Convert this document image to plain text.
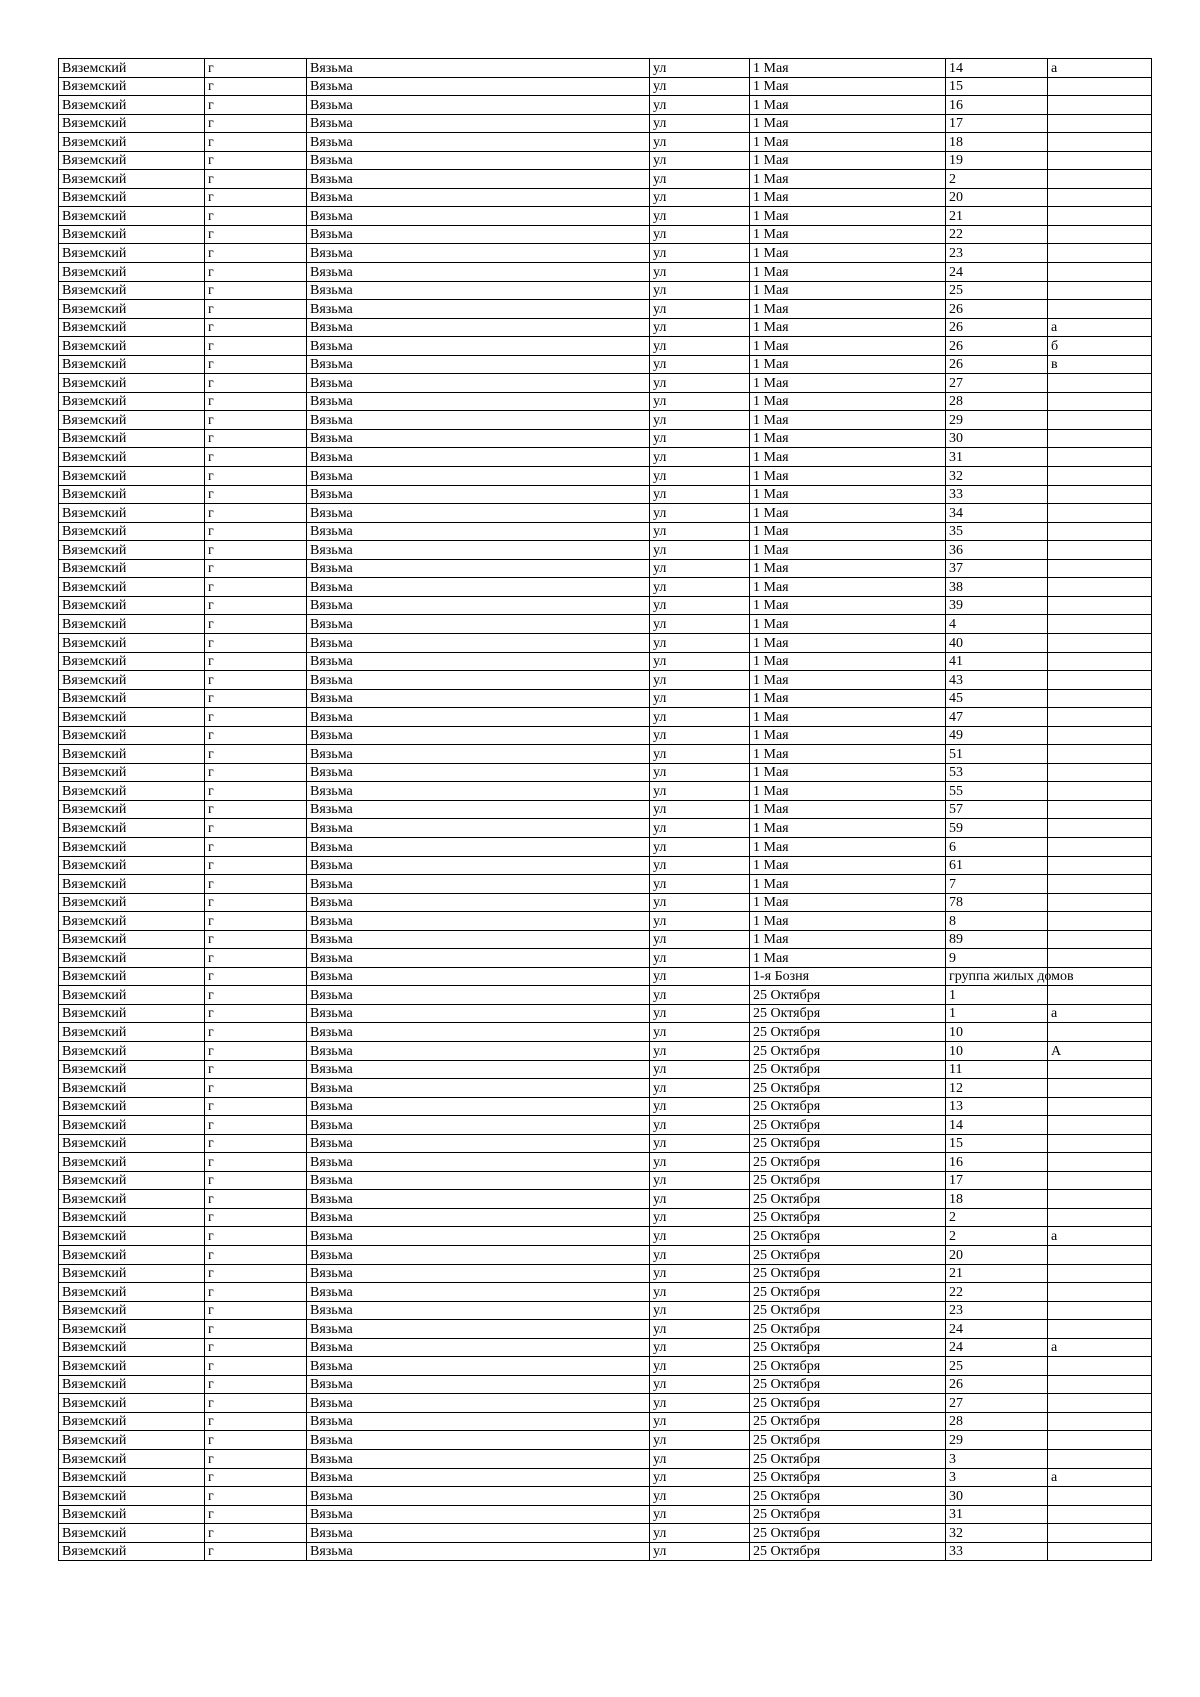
Вяземский	г	Вязьма	ул	1 Мая	14	а
Вяземский	г	Вязьма	ул	1 Мая	15	
Вяземский	г	Вязьма	ул	1 Мая	16	
Вяземский	г	Вязьма	ул	1 Мая	17	
Вяземский	г	Вязьма	ул	1 Мая	18	
Вяземский	г	Вязьма	ул	1 Мая	19	
Вяземский	г	Вязьма	ул	1 Мая	2	
Вяземский	г	Вязьма	ул	1 Мая	20	
Вяземский	г	Вязьма	ул	1 Мая	21	
Вяземский	г	Вязьма	ул	1 Мая	22	
Вяземский	г	Вязьма	ул	1 Мая	23	
Вяземский	г	Вязьма	ул	1 Мая	24	
Вяземский	г	Вязьма	ул	1 Мая	25	
Вяземский	г	Вязьма	ул	1 Мая	26	
Вяземский	г	Вязьма	ул	1 Мая	26	а
Вяземский	г	Вязьма	ул	1 Мая	26	б
Вяземский	г	Вязьма	ул	1 Мая	26	в
Вяземский	г	Вязьма	ул	1 Мая	27	
Вяземский	г	Вязьма	ул	1 Мая	28	
Вяземский	г	Вязьма	ул	1 Мая	29	
Вяземский	г	Вязьма	ул	1 Мая	30	
Вяземский	г	Вязьма	ул	1 Мая	31	
Вяземский	г	Вязьма	ул	1 Мая	32	
Вяземский	г	Вязьма	ул	1 Мая	33	
Вяземский	г	Вязьма	ул	1 Мая	34	
Вяземский	г	Вязьма	ул	1 Мая	35	
Вяземский	г	Вязьма	ул	1 Мая	36	
Вяземский	г	Вязьма	ул	1 Мая	37	
Вяземский	г	Вязьма	ул	1 Мая	38	
Вяземский	г	Вязьма	ул	1 Мая	39	
Вяземский	г	Вязьма	ул	1 Мая	4	
Вяземский	г	Вязьма	ул	1 Мая	40	
Вяземский	г	Вязьма	ул	1 Мая	41	
Вяземский	г	Вязьма	ул	1 Мая	43	
Вяземский	г	Вязьма	ул	1 Мая	45	
Вяземский	г	Вязьма	ул	1 Мая	47	
Вяземский	г	Вязьма	ул	1 Мая	49	
Вяземский	г	Вязьма	ул	1 Мая	51	
Вяземский	г	Вязьма	ул	1 Мая	53	
Вяземский	г	Вязьма	ул	1 Мая	55	
Вяземский	г	Вязьма	ул	1 Мая	57	
Вяземский	г	Вязьма	ул	1 Мая	59	
Вяземский	г	Вязьма	ул	1 Мая	6	
Вяземский	г	Вязьма	ул	1 Мая	61	
Вяземский	г	Вязьма	ул	1 Мая	7	
Вяземский	г	Вязьма	ул	1 Мая	78	
Вяземский	г	Вязьма	ул	1 Мая	8	
Вяземский	г	Вязьма	ул	1 Мая	89	
Вяземский	г	Вязьма	ул	1 Мая	9	
Вяземский	г	Вязьма	ул	1-я Бозня	группа жилых домов	
Вяземский	г	Вязьма	ул	25 Октября	1	
Вяземский	г	Вязьма	ул	25 Октября	1	а
Вяземский	г	Вязьма	ул	25 Октября	10	
Вяземский	г	Вязьма	ул	25 Октября	10	А
Вяземский	г	Вязьма	ул	25 Октября	11	
Вяземский	г	Вязьма	ул	25 Октября	12	
Вяземский	г	Вязьма	ул	25 Октября	13	
Вяземский	г	Вязьма	ул	25 Октября	14	
Вяземский	г	Вязьма	ул	25 Октября	15	
Вяземский	г	Вязьма	ул	25 Октября	16	
Вяземский	г	Вязьма	ул	25 Октября	17	
Вяземский	г	Вязьма	ул	25 Октября	18	
Вяземский	г	Вязьма	ул	25 Октября	2	
Вяземский	г	Вязьма	ул	25 Октября	2	а
Вяземский	г	Вязьма	ул	25 Октября	20	
Вяземский	г	Вязьма	ул	25 Октября	21	
Вяземский	г	Вязьма	ул	25 Октября	22	
Вяземский	г	Вязьма	ул	25 Октября	23	
Вяземский	г	Вязьма	ул	25 Октября	24	
Вяземский	г	Вязьма	ул	25 Октября	24	а
Вяземский	г	Вязьма	ул	25 Октября	25	
Вяземский	г	Вязьма	ул	25 Октября	26	
Вяземский	г	Вязьма	ул	25 Октября	27	
Вяземский	г	Вязьма	ул	25 Октября	28	
Вяземский	г	Вязьма	ул	25 Октября	29	
Вяземский	г	Вязьма	ул	25 Октября	3	
Вяземский	г	Вязьма	ул	25 Октября	3	а
Вяземский	г	Вязьма	ул	25 Октября	30	
Вяземский	г	Вязьма	ул	25 Октября	31	
Вяземский	г	Вязьма	ул	25 Октября	32	
Вяземский	г	Вязьма	ул	25 Октября	33	
